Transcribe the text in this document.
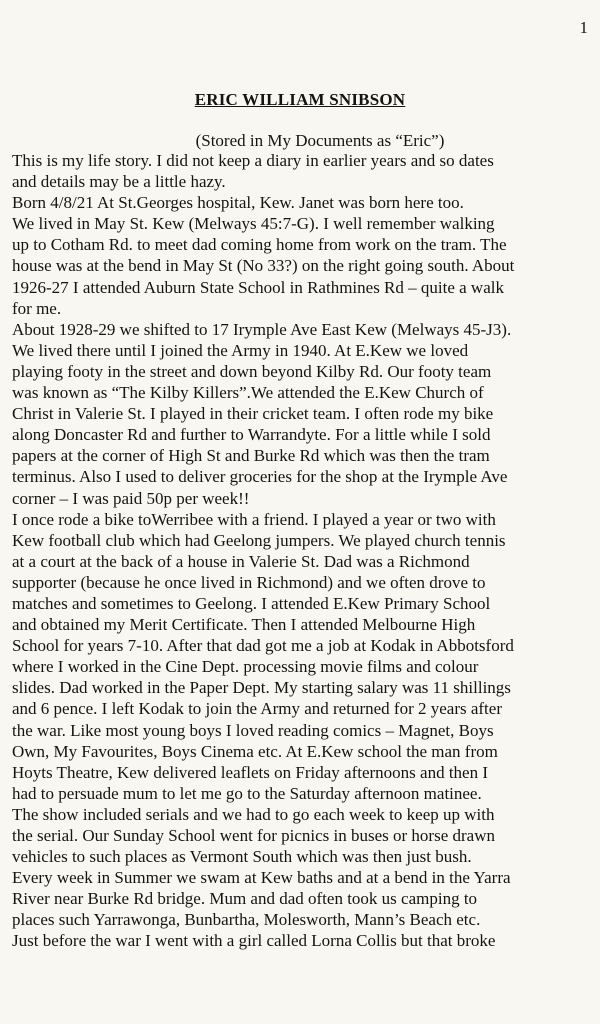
1
ERIC WILLIAM SNIBSON
(Stored in My Documents as “Eric”)
This is my life story. I did not keep a diary in earlier years and so dates
and details may be a little hazy.
Born 4/8/21 At St.Georges hospital, Kew. Janet was born here too.
We lived in May St. Kew (Melways 45:7-G). I well remember walking
up to Cotham Rd. to meet dad coming home from work on the tram. The
house was at the bend in May St (No 33?) on the right going south. About
1926-27 I attended Auburn State School in Rathmines Rd – quite a walk
for me.
About 1928-29 we shifted to 17 Irymple Ave East Kew (Melways 45-J3).
We lived there until I joined the Army in 1940. At E.Kew we loved
playing footy in the street and down beyond Kilby Rd. Our footy team
was known as “The Kilby Killers”.We attended the E.Kew Church of
Christ in Valerie St. I played in their cricket team. I often rode my bike
along Doncaster Rd and further to Warrandyte. For a little while I sold
papers at the corner of High St and Burke Rd which was then the tram
terminus. Also I used to deliver groceries for the shop at the Irymple Ave
corner – I was paid 50p per week!!
I once rode a bike toWerribee with a friend. I played a year or two with
Kew football club which had Geelong jumpers. We played church tennis
at a court at the back of a house in Valerie St. Dad was a Richmond
supporter (because he once lived in Richmond) and we often drove to
matches and sometimes to Geelong. I attended E.Kew Primary School
and obtained my Merit Certificate. Then I attended Melbourne High
School for years 7-10. After that dad got me a job at Kodak in Abbotsford
where I worked in the Cine Dept. processing movie films and colour
slides. Dad worked in the Paper Dept. My starting salary was 11 shillings
and 6 pence. I left Kodak to join the Army and returned for 2 years after
the war. Like most young boys I loved reading comics – Magnet, Boys
Own, My Favourites, Boys Cinema etc. At E.Kew school the man from
Hoyts Theatre, Kew delivered leaflets on Friday afternoons and then I
had to persuade mum to let me go to the Saturday afternoon matinee.
The show included serials and we had to go each week to keep up with
the serial. Our Sunday School went for picnics in buses or horse drawn
vehicles to such places as Vermont South which was then just bush.
Every week in Summer we swam at Kew baths and at a bend in the Yarra
River near Burke Rd bridge. Mum and dad often took us camping to
places such Yarrawonga, Bunbartha, Molesworth, Mann’s Beach etc.
Just before the war I went with a girl called Lorna Collis but that broke
